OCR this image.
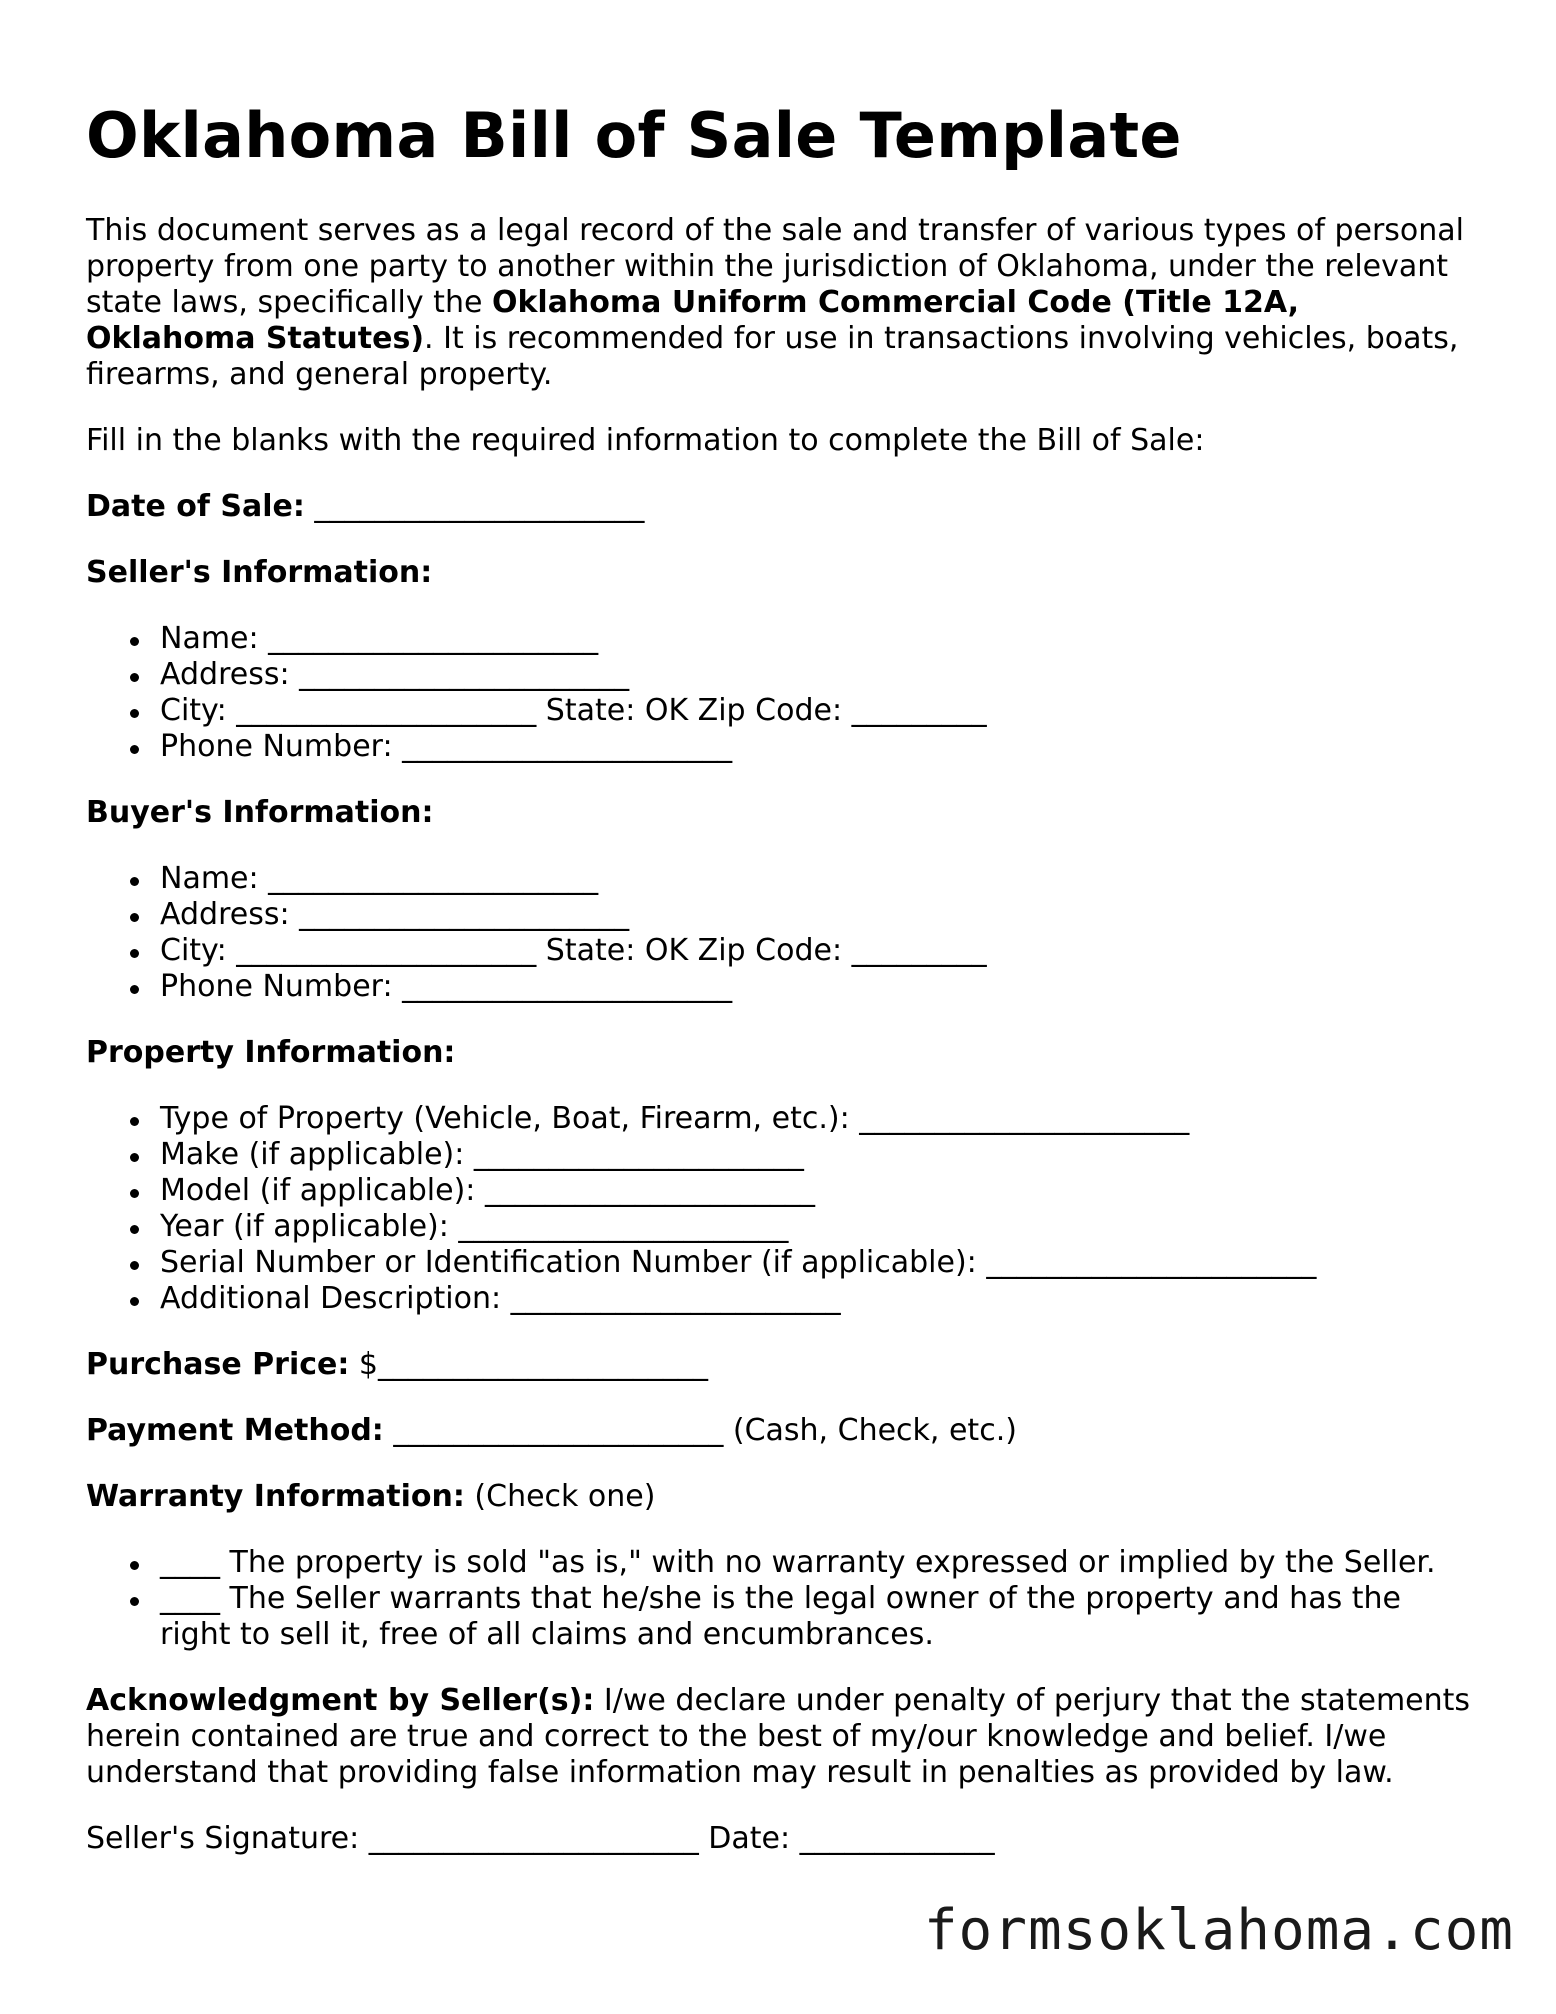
Oklahoma Bill of Sale Template

This document serves as a legal record of the sale and transfer of various types of personal property from one party to another within the jurisdiction of Oklahoma, under the relevant state laws, specifically the Oklahoma Uniform Commercial Code (Title 12A, Oklahoma Statutes). It is recommended for use in transactions involving vehicles, boats, firearms, and general property.

Fill in the blanks with the required information to complete the Bill of Sale:

Date of Sale: ______________________

Seller's Information:

Name: ______________________
Address: ______________________
City: ____________________ State: OK Zip Code: _________
Phone Number: ______________________

Buyer's Information:

Name: ______________________
Address: ______________________
City: ____________________ State: OK Zip Code: _________
Phone Number: ______________________

Property Information:

Type of Property (Vehicle, Boat, Firearm, etc.): ______________________
Make (if applicable): ______________________
Model (if applicable): ______________________
Year (if applicable): ______________________
Serial Number or Identification Number (if applicable): ______________________
Additional Description: ______________________

Purchase Price: $______________________

Payment Method: ______________________ (Cash, Check, etc.)

Warranty Information: (Check one)

____ The property is sold "as is," with no warranty expressed or implied by the Seller.
____ The Seller warrants that he/she is the legal owner of the property and has the right to sell it, free of all claims and encumbrances.

Acknowledgment by Seller(s): I/we declare under penalty of perjury that the statements herein contained are true and correct to the best of my/our knowledge and belief. I/we understand that providing false information may result in penalties as provided by law.

Seller's Signature: ______________________ Date: _____________

formsoklahoma.com
